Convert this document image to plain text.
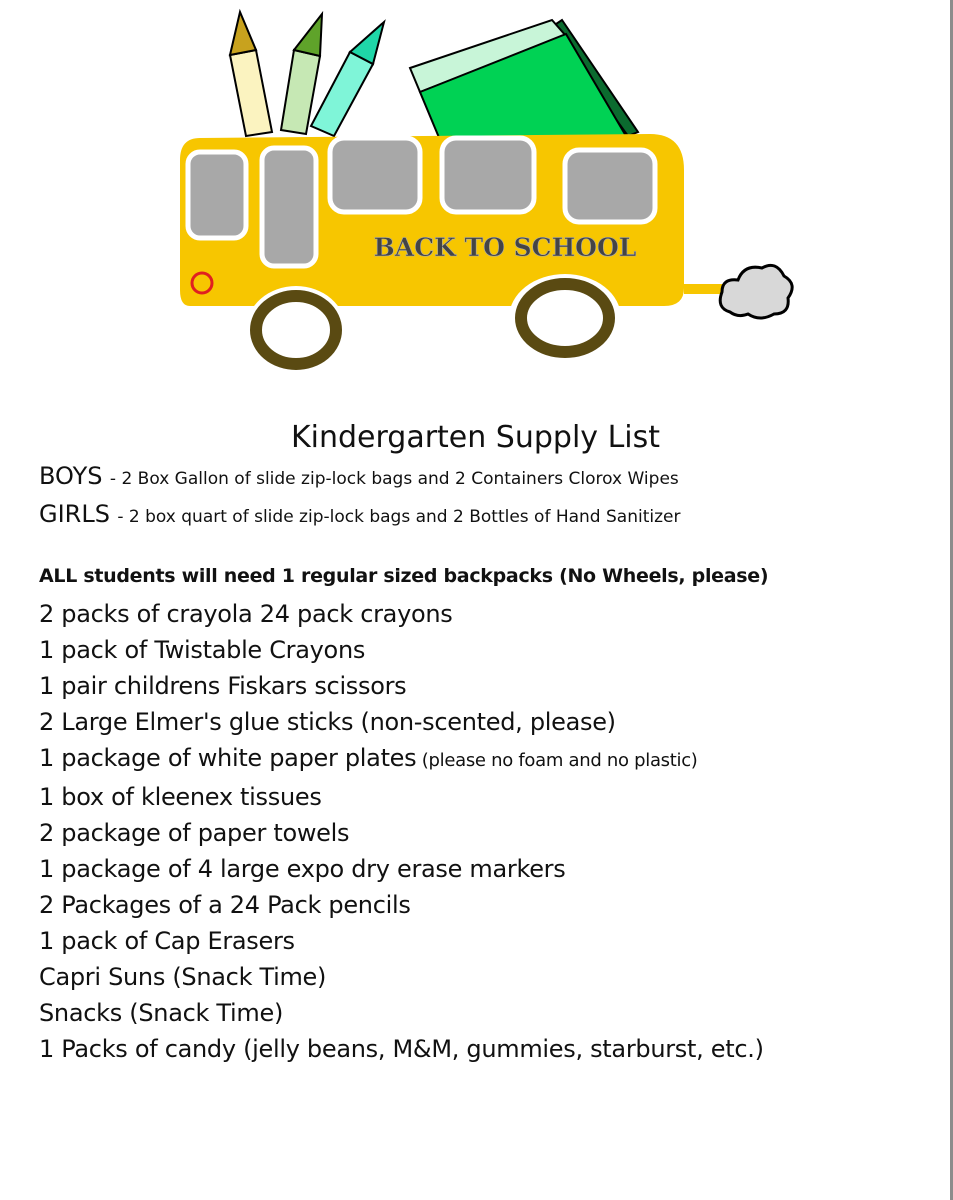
BACK TO SCHOOL
Kindergarten Supply List
BOYS - 2 Box Gallon of slide zip-lock bags and 2 Containers Clorox Wipes
GIRLS - 2 box quart of slide zip-lock bags and 2 Bottles of Hand Sanitizer
ALL students will need 1 regular sized backpacks (No Wheels, please)
2 packs of crayola 24 pack crayons
1 pack of Twistable Crayons
1 pair childrens Fiskars scissors
2 Large Elmer's glue sticks (non-scented, please)
1 package of white paper plates (please no foam and no plastic)
1 box of kleenex tissues
2 package of paper towels
1 package of 4 large expo dry erase markers
2 Packages of a 24 Pack pencils
1 pack of Cap Erasers
Capri Suns (Snack Time)
Snacks (Snack Time)
1 Packs of candy (jelly beans, M&M, gummies, starburst, etc.)
